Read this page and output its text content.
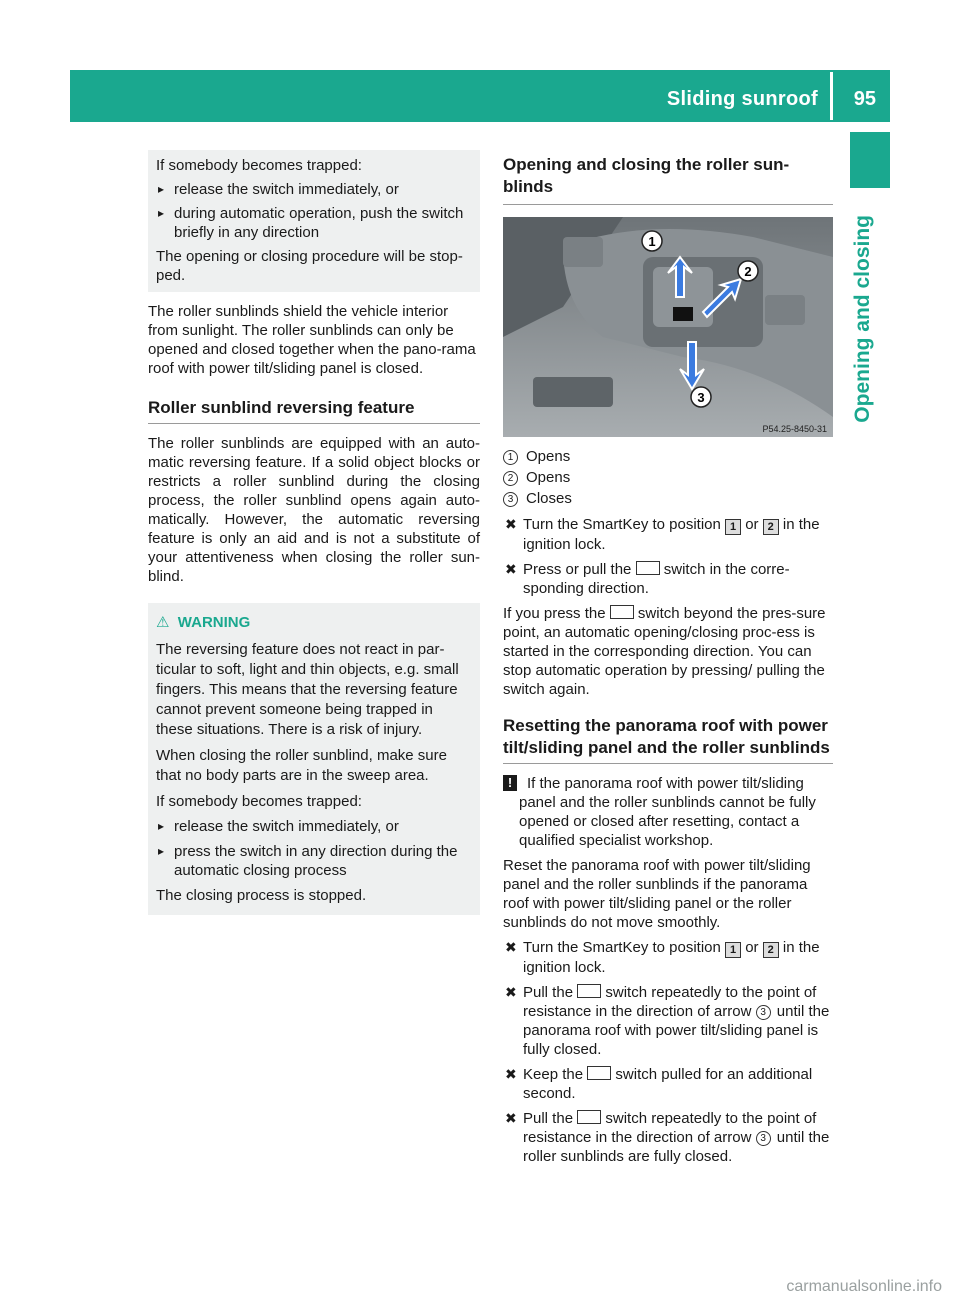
Sliding sunroof 95
Opening and closing

If somebody becomes trapped:

▸ release the switch immediately, or

▸ during automatic operation, push the switch briefly in any direction

The opening or closing procedure will be stop-ped.

The roller sunblinds shield the vehicle interior from sunlight. The roller sunblinds can only be opened and closed together when the pano-rama roof with power tilt/sliding panel is closed.

Roller sunblind reversing feature

The roller sunblinds are equipped with an auto-matic reversing feature. If a solid object blocks or restricts a roller sunblind during the closing process, the roller sunblind opens again auto-matically. However, the automatic reversing feature is only an aid and is not a substitute of your attentiveness when closing the roller sun-blind.

⚠ WARNING

The reversing feature does not react in par-ticular to soft, light and thin objects, e.g. small fingers. This means that the reversing feature cannot prevent someone being trapped in these situations. There is a risk of injury.

When closing the roller sunblind, make sure that no body parts are in the sweep area.

If somebody becomes trapped:

▸ release the switch immediately, or

▸ press the switch in any direction during the automatic closing process

The closing process is stopped.

Opening and closing the roller sun-blinds
1
2
3
P54.25-8450-31

1 Opens

2 Opens

3 Closes

✖ Turn the SmartKey to position 1 or 2 in the ignition lock.

✖ Press or pull the switch in the corre-sponding direction.

If you press the switch beyond the pres-sure point, an automatic opening/closing proc-ess is started in the corresponding direction. You can stop automatic operation by pressing/ pulling the switch again.

Resetting the panorama roof with power tilt/sliding panel and the roller sunblinds

! If the panorama roof with power tilt/sliding panel and the roller sunblinds cannot be fully opened or closed after resetting, contact a qualified specialist workshop.

Reset the panorama roof with power tilt/sliding panel and the roller sunblinds if the panorama roof with power tilt/sliding panel or the roller sunblinds do not move smoothly.

✖ Turn the SmartKey to position 1 or 2 in the ignition lock.

✖ Pull the switch repeatedly to the point of resistance in the direction of arrow 3 until the panorama roof with power tilt/sliding panel is fully closed.

✖ Keep the switch pulled for an additional second.

✖ Pull the switch repeatedly to the point of resistance in the direction of arrow 3 until the roller sunblinds are fully closed.

carmanualsonline.info
